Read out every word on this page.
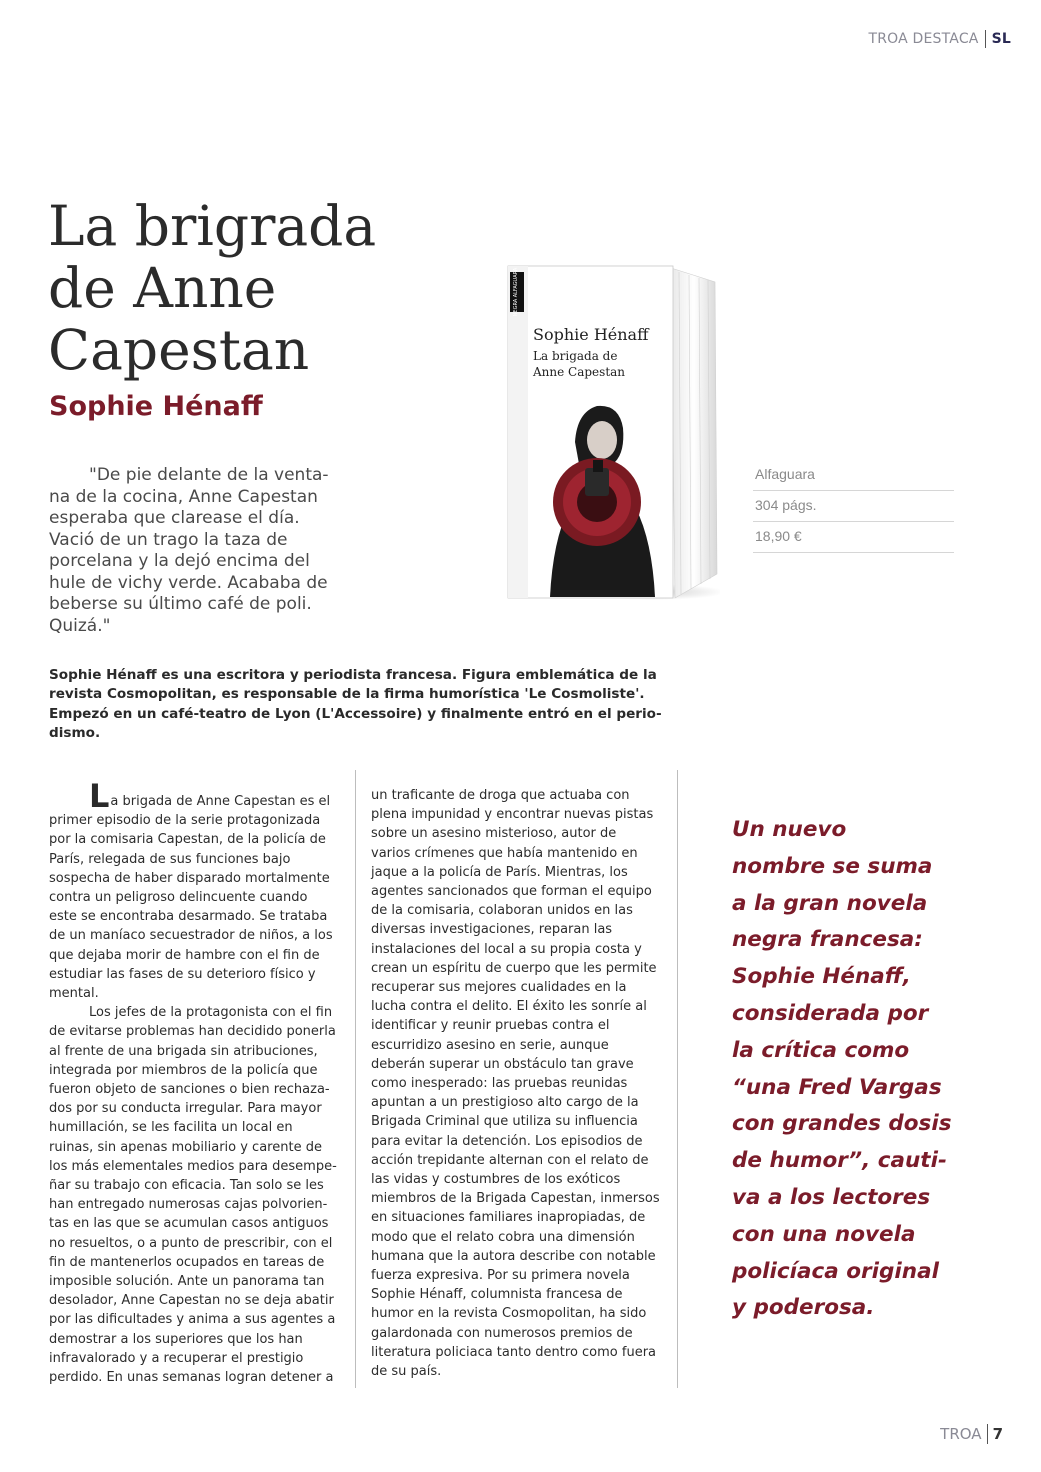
TROA DESTACA SL
La brigrada
de Anne
Capestan
Sophie Hénaff
"De pie delante de la venta-
na de la cocina, Anne Capestan
esperaba que clarease el día.
Vació de un trago la taza de
porcelana y la dejó encima del
hule de vichy verde. Acababa de
beberse su último café de poli.
Quizá."
NEGRA ALFAGUARA
Sophie Hénaff
La brigada de
Anne Capestan
Alfaguara
304 págs.
18,90 €
Sophie Hénaff es una escritora y periodista francesa. Figura emblemática de la
revista Cosmopolitan, es responsable de la firma humorística 'Le Cosmoliste'.
Empezó en un café-teatro de Lyon (L'Accessoire) y finalmente entró en el perio-
dismo.
La brigada de Anne Capestan es el
primer episodio de la serie protagonizada
por la comisaria Capestan, de la policía de
París, relegada de sus funciones bajo
sospecha de haber disparado mortalmente
contra un peligroso delincuente cuando
este se encontraba desarmado. Se trataba
de un maníaco secuestrador de niños, a los
que dejaba morir de hambre con el fin de
estudiar las fases de su deterioro físico y
mental.
Los jefes de la protagonista con el fin
de evitarse problemas han decidido ponerla
al frente de una brigada sin atribuciones,
integrada por miembros de la policía que
fueron objeto de sanciones o bien rechaza-
dos por su conducta irregular. Para mayor
humillación, se les facilita un local en
ruinas, sin apenas mobiliario y carente de
los más elementales medios para desempe-
ñar su trabajo con eficacia. Tan solo se les
han entregado numerosas cajas polvorien-
tas en las que se acumulan casos antiguos
no resueltos, o a punto de prescribir, con el
fin de mantenerlos ocupados en tareas de
imposible solución. Ante un panorama tan
desolador, Anne Capestan no se deja abatir
por las dificultades y anima a sus agentes a
demostrar a los superiores que los han
infravalorado y a recuperar el prestigio
perdido. En unas semanas logran detener a
un traficante de droga que actuaba con
plena impunidad y encontrar nuevas pistas
sobre un asesino misterioso, autor de
varios crímenes que había mantenido en
jaque a la policía de París. Mientras, los
agentes sancionados que forman el equipo
de la comisaria, colaboran unidos en las
diversas investigaciones, reparan las
instalaciones del local a su propia costa y
crean un espíritu de cuerpo que les permite
recuperar sus mejores cualidades en la
lucha contra el delito. El éxito les sonríe al
identificar y reunir pruebas contra el
escurridizo asesino en serie, aunque
deberán superar un obstáculo tan grave
como inesperado: las pruebas reunidas
apuntan a un prestigioso alto cargo de la
Brigada Criminal que utiliza su influencia
para evitar la detención. Los episodios de
acción trepidante alternan con el relato de
las vidas y costumbres de los exóticos
miembros de la Brigada Capestan, inmersos
en situaciones familiares inapropiadas, de
modo que el relato cobra una dimensión
humana que la autora describe con notable
fuerza expresiva. Por su primera novela
Sophie Hénaff, columnista francesa de
humor en la revista Cosmopolitan, ha sido
galardonada con numerosos premios de
literatura policiaca tanto dentro como fuera
de su país.
Un nuevo
nombre se suma
a la gran novela
negra francesa:
Sophie Hénaff,
considerada por
la crítica como
“una Fred Vargas
con grandes dosis
de humor”, cauti-
va a los lectores
con una novela
policíaca original
y poderosa.
TROA 7
